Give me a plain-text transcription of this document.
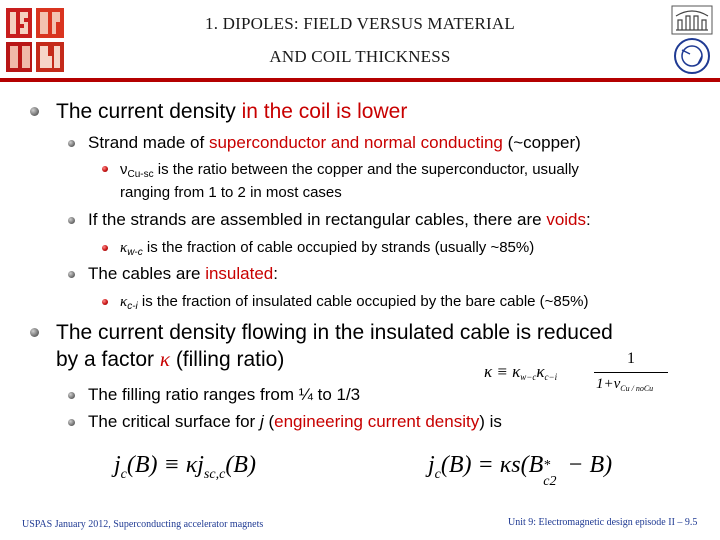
1. DIPOLES: FIELD VERSUS MATERIAL
AND COIL THICKNESS
The current density in the coil is lower
Strand made of superconductor and normal conducting (~copper)
$\nu_{Cu-sc}$ is the ratio between the copper and the superconductor, usually
ranging from 1 to 2 in most cases
If the strands are assembled in rectangular cables, there are voids:
$\kappa_{w-c}$ is the fraction of cable occupied by strands (usually ~85%)
The cables are insulated:
$\kappa_{c-i}$ is the fraction of insulated cable occupied by the bare cable (~85%)
The current density flowing in the insulated cable is reduced
by a factor κ (filling ratio)
κ ≡ κw−cκc−i
1
$1+\nu_{Cu / noCu}$
The filling ratio ranges from ¼ to 1/3
The critical surface for j (engineering current density) is
$j_c(B) \equiv \kappa j_{sc,c}(B)$	$j_c(B) = \kappa s(B$ *
c2
− B)
USPAS January 2012, Superconducting accelerator magnets	Unit 9: Electromagnetic design episode II – 9.5
